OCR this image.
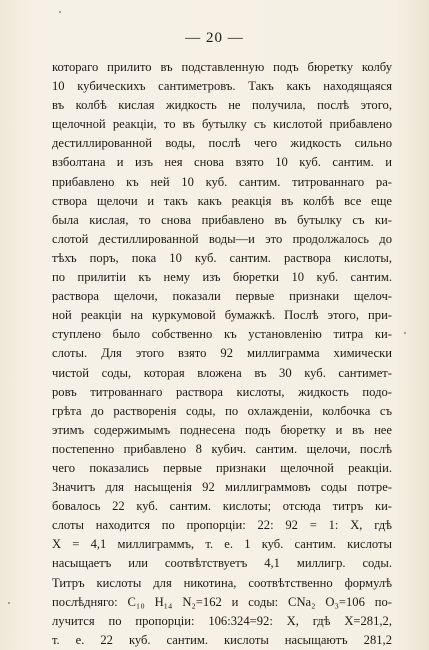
— 20 —
котораго прилито въ подставленную подъ бюретку колбу
10 кубическихъ сантиметровъ. Такъ какъ находящаяся
въ колбѣ кислая жидкость не получила, послѣ этого,
щелочной реакціи, то въ бутылку съ кислотой прибавлено
дестиллированной воды, послѣ чего жидкость сильно
взболтана и изъ нея снова взято 10 куб. сантим. и
прибавлено къ ней 10 куб. сантим. титрованнаго ра-
створа щелочи и такъ какъ реакція въ колбѣ все еще
была кислая, то снова прибавлено въ бутылку съ ки-
слотой дестиллированной воды—и это продолжалось до
тѣхъ поръ, пока 10 куб. сантим. раствора кислоты,
по прилитіи къ нему изъ бюретки 10 куб. сантим.
раствора щелочи, показали первые признаки щелоч-
ной реакціи на куркумовой бумажкѣ. Послѣ этого, при-
ступлено было собственно къ установленію титра ки-
слоты. Для этого взято 92 миллиграмма химически
чистой соды, которая вложена въ 30 куб. сантимет-
ровъ титрованнаго раствора кислоты, жидкость подо-
грѣта до растворенія соды, по охлажденіи, колбочка съ
этимъ содержимымъ поднесена подъ бюретку и въ нее
постепенно прибавлено 8 кубич. сантим. щелочи, послѣ
чего показались первые признаки щелочной реакціи.
Значитъ для насыщенія 92 миллиграммовъ соды потре-
бовалось 22 куб. сантим. кислоты; отсюда титръ ки-
слоты находится по пропорціи: 22: 92 = 1: X, гдѣ
X = 4,1 миллиграммъ, т. е. 1 куб. сантим. кислоты
насыщаетъ или соотвѣтствуетъ 4,1 миллигр. соды.
Титръ кислоты для никотина, соотвѣтственно формулѣ
послѣдняго: C₁₀ H₁₄ N₂=162 и соды: CNa₂ O₃=106 по-
лучится по пропорціи: 106:324=92: X, гдѣ X=281,2,
т. е. 22 куб. сантим. кислоты насыщаютъ 281,2
